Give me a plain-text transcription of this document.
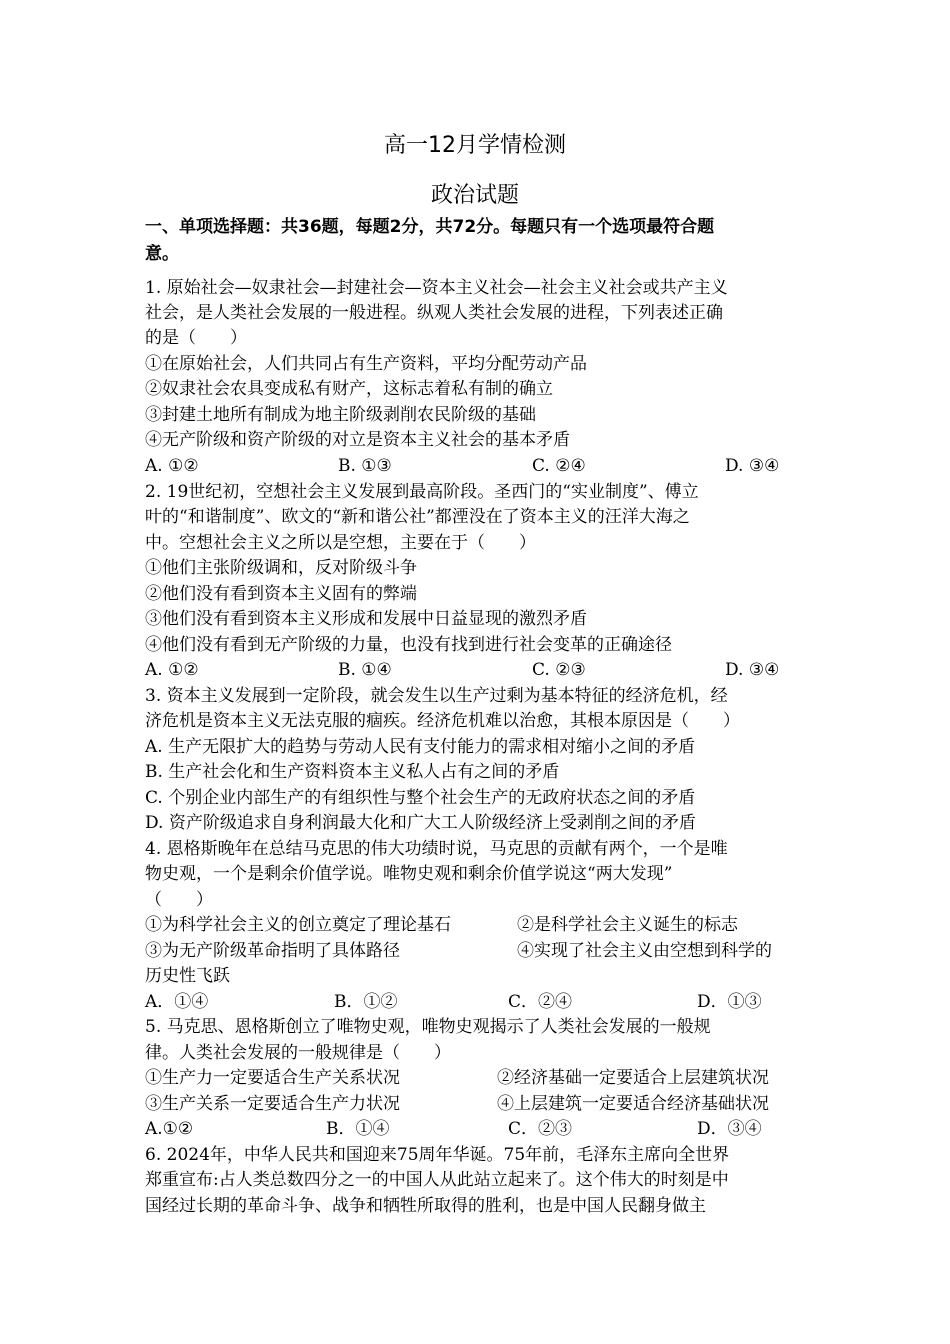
高一12月学情检测
政治试题
一、单项选择题：共36题，每题2分，共72分。每题只有一个选项最符合题
意。
1. 原始社会—奴隶社会—封建社会—资本主义社会—社会主义社会或共产主义
社会，是人类社会发展的一般进程。纵观人类社会发展的进程，下列表述正确
的是（　　）
①在原始社会，人们共同占有生产资料，平均分配劳动产品
②奴隶社会农具变成私有财产，这标志着私有制的确立
③封建土地所有制成为地主阶级剥削农民阶级的基础
④无产阶级和资产阶级的对立是资本主义社会的基本矛盾
A. ①②	B. ①③	C. ②④	D. ③④
2. 19世纪初，空想社会主义发展到最高阶段。圣西门的“实业制度”、傅立
叶的“和谐制度”、欧文的“新和谐公社”都湮没在了资本主义的汪洋大海之
中。空想社会主义之所以是空想，主要在于（　　）
①他们主张阶级调和，反对阶级斗争
②他们没有看到资本主义固有的弊端
③他们没有看到资本主义形成和发展中日益显现的激烈矛盾
④他们没有看到无产阶级的力量，也没有找到进行社会变革的正确途径
A. ①②	B. ①④	C. ②③	D. ③④
3. 资本主义发展到一定阶段，就会发生以生产过剩为基本特征的经济危机，经
济危机是资本主义无法克服的痼疾。经济危机难以治愈，其根本原因是（　　）
A. 生产无限扩大的趋势与劳动人民有支付能力的需求相对缩小之间的矛盾
B. 生产社会化和生产资料资本主义私人占有之间的矛盾
C. 个别企业内部生产的有组织性与整个社会生产的无政府状态之间的矛盾
D. 资产阶级追求自身利润最大化和广大工人阶级经济上受剥削之间的矛盾
4. 恩格斯晚年在总结马克思的伟大功绩时说，马克思的贡献有两个，一个是唯
物史观，一个是剩余价值学说。唯物史观和剩余价值学说这“两大发现”
（　　）
①为科学社会主义的创立奠定了理论基石	②是科学社会主义诞生的标志
③为无产阶级革命指明了具体路径	④实现了社会主义由空想到科学的
历史性飞跃
A．①④	B．①②	C．②④	D．①③
5. 马克思、恩格斯创立了唯物史观，唯物史观揭示了人类社会发展的一般规
律。人类社会发展的一般规律是（　　）
①生产力一定要适合生产关系状况	②经济基础一定要适合上层建筑状况
③生产关系一定要适合生产力状况	④上层建筑一定要适合经济基础状况
A.①②	B．①④	C．②③	D．③④
6. 2024年，中华人民共和国迎来75周年华诞。75年前，毛泽东主席向全世界
郑重宣布:占人类总数四分之一的中国人从此站立起来了。这个伟大的时刻是中
国经过长期的革命斗争、战争和牺牲所取得的胜利，也是中国人民翻身做主
